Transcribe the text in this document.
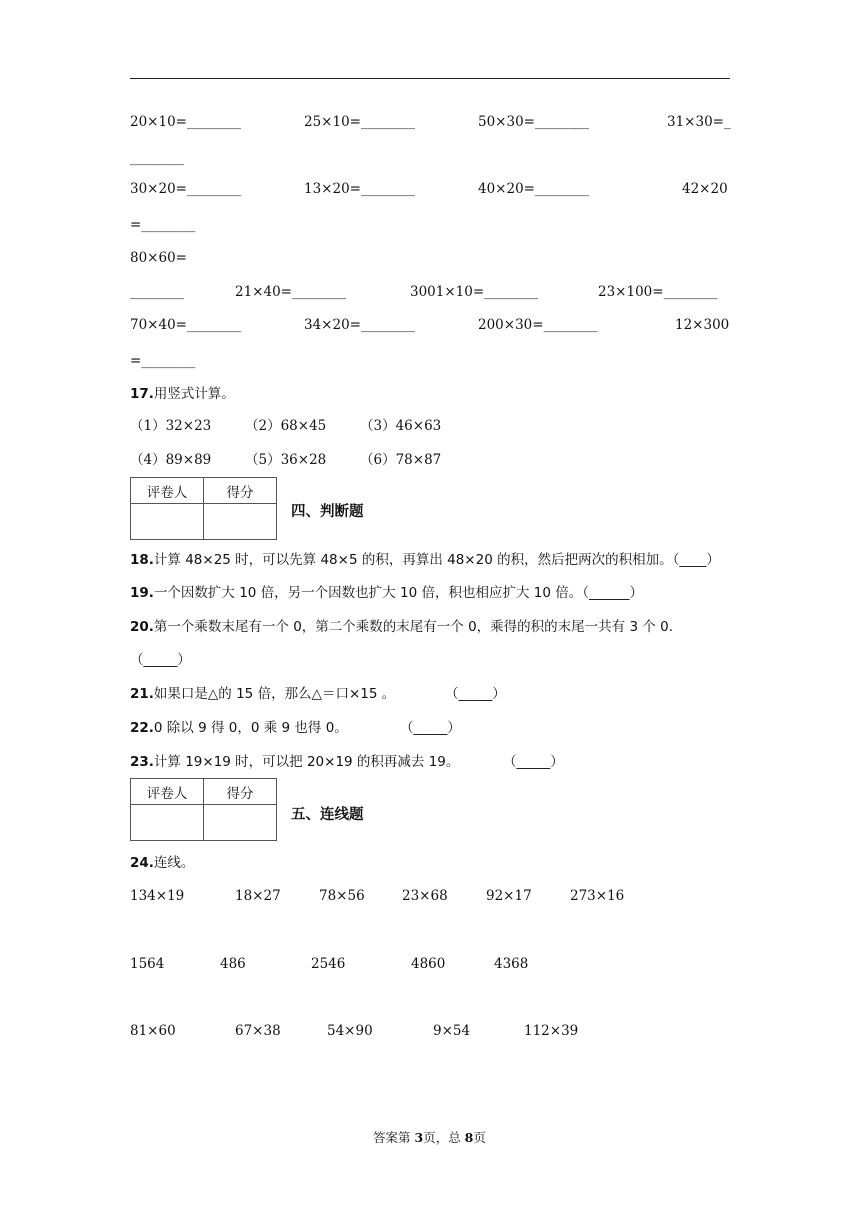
20×10=________	25×10=________	50×30=________	31×30=_
________
30×20=________	13×20=________	40×20=________	42×20
=________
80×60=
________	21×40=________	3001×10=________	23×100=________
70×40=________	34×20=________	200×30=________	12×300
=________
17.用竖式计算。
（1）32×23 （2）68×45 （3）46×63
（4）89×89 （5）36×28 （6）78×87
评卷人	得分

四、判断题
18.计算 48×25 时，可以先算 48×5 的积，再算出 48×20 的积，然后把两次的积相加。（____）
19.一个因数扩大 10 倍，另一个因数也扩大 10 倍，积也相应扩大 10 倍。（______）
20.第一个乘数末尾有一个 0，第二个乘数的末尾有一个 0，乘得的积的末尾一共有 3 个 0.
（_____）
21.如果口是△的 15 倍，那么△＝口×15 。	（_____）
22.0 除以 9 得 0，0 乘 9 也得 0。	（_____）
23.计算 19×19 时，可以把 20×19 的积再减去 19。	（_____）
评卷人	得分

五、连线题
24.连线。
134×19	18×27	78×56	23×68	92×17	273×16
1564	486	2546	4860	4368
81×60	67×38	54×90	9×54	112×39
答案第 3页，总 8页
